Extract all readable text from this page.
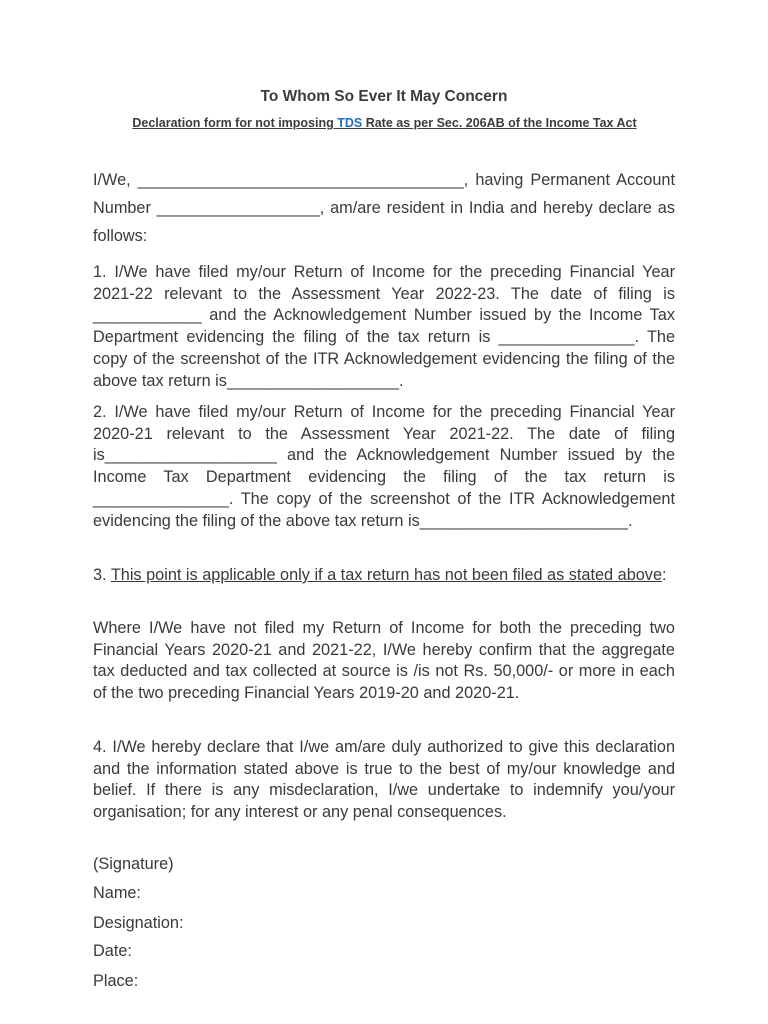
To Whom So Ever It May Concern
Declaration form for not imposing TDS Rate as per Sec. 206AB of the Income Tax Act
I/We, ____________________________________, having Permanent Account Number __________________, am/are resident in India and hereby declare as follows:
1. I/We have filed my/our Return of Income for the preceding Financial Year 2021-22 relevant to the Assessment Year 2022-23. The date of filing is ____________ and the Acknowledgement Number issued by the Income Tax Department evidencing the filing of the tax return is _______________. The copy of the screenshot of the ITR Acknowledgement evidencing the filing of the above tax return is___________________.
2. I/We have filed my/our Return of Income for the preceding Financial Year 2020-21 relevant to the Assessment Year 2021-22. The date of filing is___________________ and the Acknowledgement Number issued by the Income Tax Department evidencing the filing of the tax return is _______________. The copy of the screenshot of the ITR Acknowledgement evidencing the filing of the above tax return is_______________________.
3. This point is applicable only if a tax return has not been filed as stated above:
Where I/We have not filed my Return of Income for both the preceding two Financial Years 2020-21 and 2021-22, I/We hereby confirm that the aggregate tax deducted and tax collected at source is /is not Rs. 50,000/- or more in each of the two preceding Financial Years 2019-20 and 2020-21.
4. I/We hereby declare that I/we am/are duly authorized to give this declaration and the information stated above is true to the best of my/our knowledge and belief. If there is any misdeclaration, I/we undertake to indemnify you/your organisation; for any interest or any penal consequences.
(Signature)
Name:
Designation:
Date:
Place:
